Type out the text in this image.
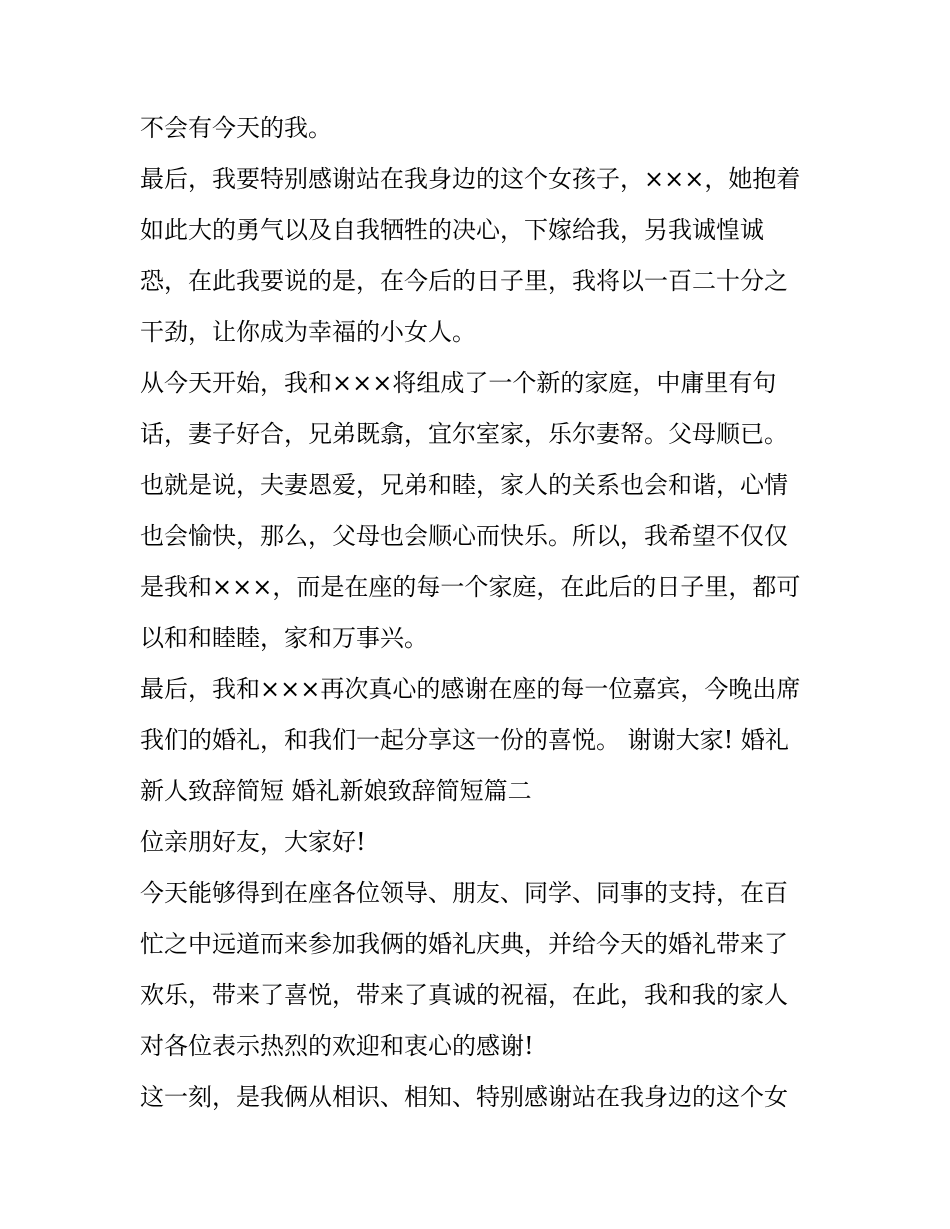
不会有今天的我。
最后，我要特别感谢站在我身边的这个女孩子，×××，她抱着
如此大的勇气以及自我牺牲的决心，下嫁给我，另我诚惶诚
恐，在此我要说的是，在今后的日子里，我将以一百二十分之
干劲，让你成为幸福的小女人。
从今天开始，我和×××将组成了一个新的家庭，中庸里有句
话，妻子好合，兄弟既翕，宜尔室家，乐尔妻帑。父母顺已。
也就是说，夫妻恩爱，兄弟和睦，家人的关系也会和谐，心情
也会愉快，那么，父母也会顺心而快乐。所以，我希望不仅仅
是我和×××，而是在座的每一个家庭，在此后的日子里，都可
以和和睦睦，家和万事兴。
最后，我和×××再次真心的感谢在座的每一位嘉宾，今晚出席
我们的婚礼，和我们一起分享这一份的喜悦。 谢谢大家! 婚礼
新人致辞简短 婚礼新娘致辞简短篇二
位亲朋好友，大家好!
今天能够得到在座各位领导、朋友、同学、同事的支持，在百
忙之中远道而来参加我俩的婚礼庆典，并给今天的婚礼带来了
欢乐，带来了喜悦，带来了真诚的祝福，在此，我和我的家人
对各位表示热烈的欢迎和衷心的感谢!
这一刻，是我俩从相识、相知、特别感谢站在我身边的这个女
